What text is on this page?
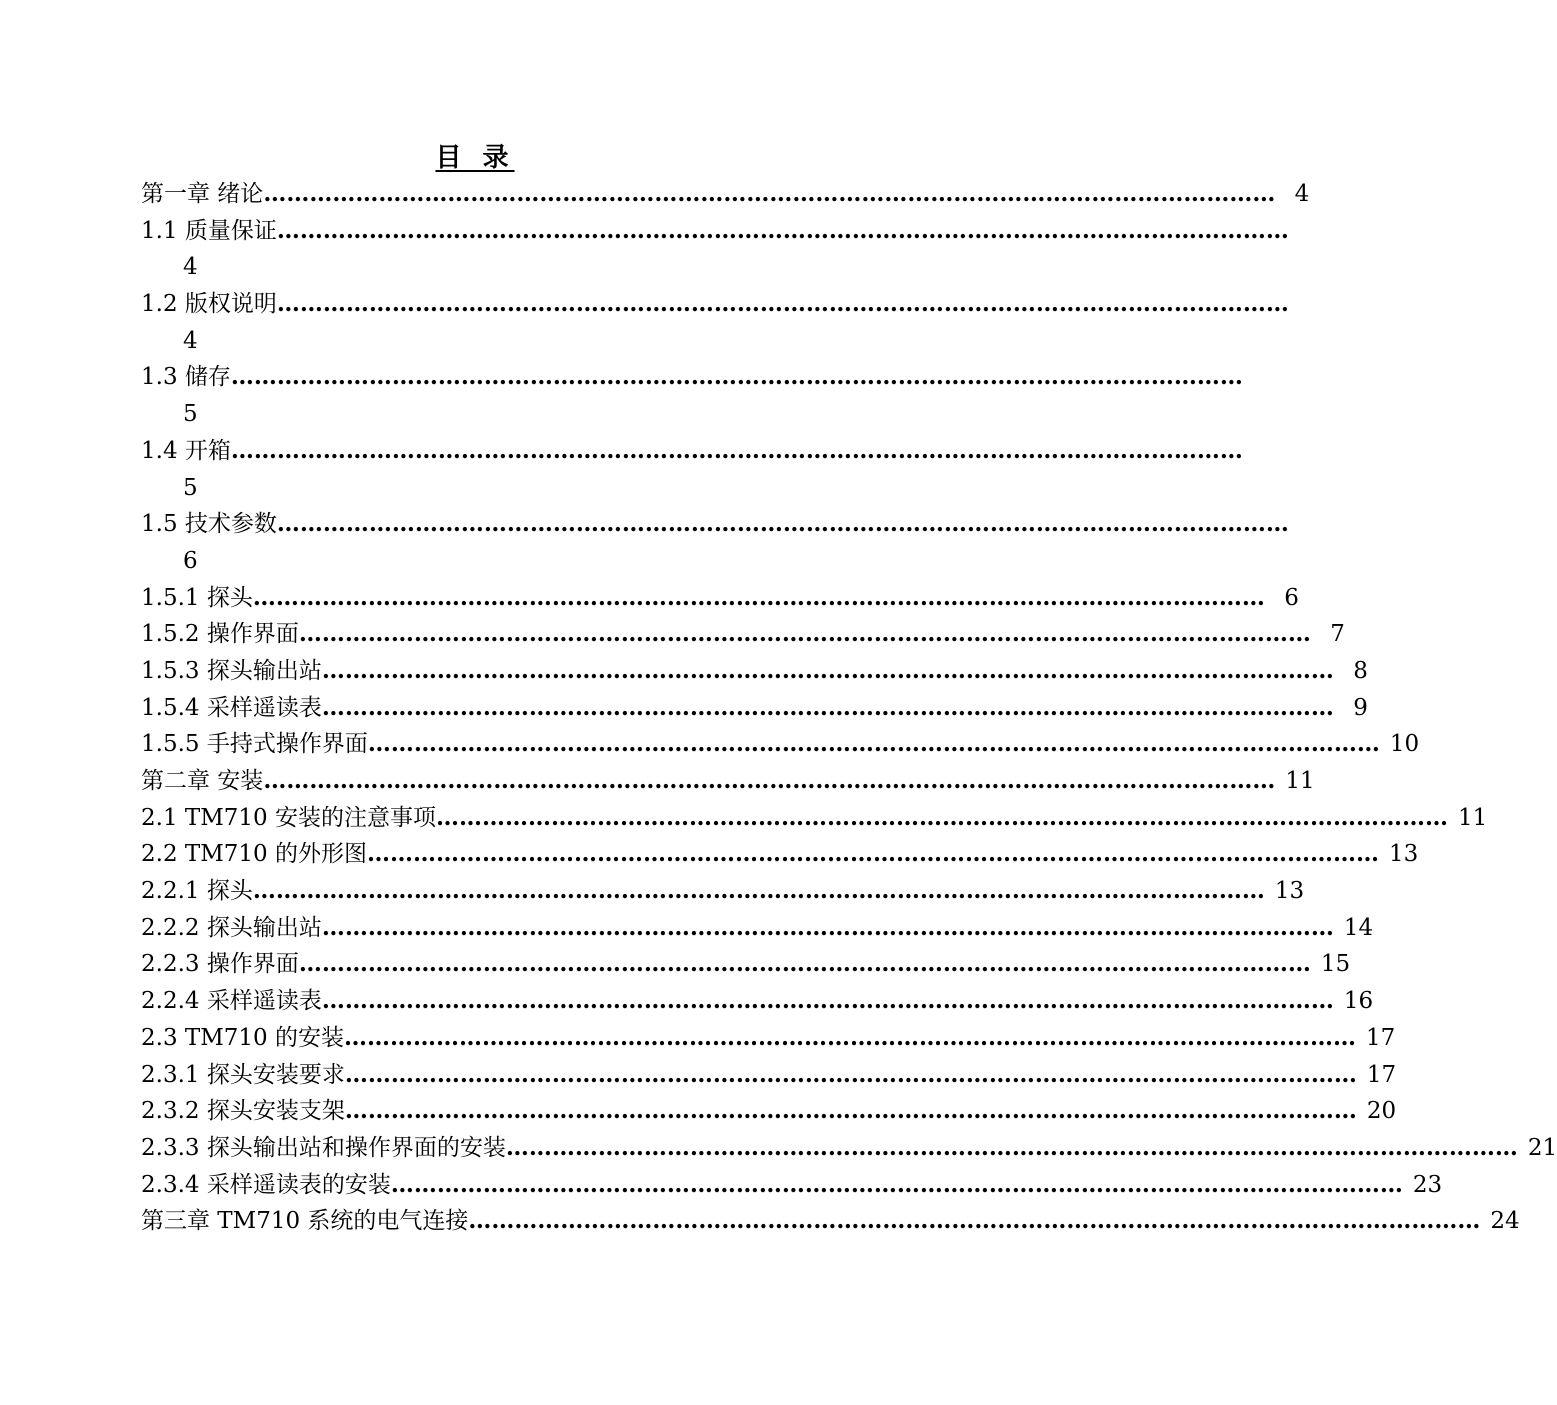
目 录
第一章 绪论 …………………………………………………………………………………………………………………… 4
1.1 质量保证 ……………………………………………………………………………………………………………………
4
1.2 版权说明 ……………………………………………………………………………………………………………………
4
1.3 储存 ……………………………………………………………………………………………………………………
5
1.4 开箱 ……………………………………………………………………………………………………………………
5
1.5 技术参数 ……………………………………………………………………………………………………………………
6
1.5.1 探头 …………………………………………………………………………………………………………………… 6
1.5.2 操作界面 …………………………………………………………………………………………………………………… 7
1.5.3 探头输出站 …………………………………………………………………………………………………………………… 8
1.5.4 采样遥读表 …………………………………………………………………………………………………………………… 9
1.5.5 手持式操作界面 …………………………………………………………………………………………………………………… 10
第二章 安装 …………………………………………………………………………………………………………………… 11
2.1 TM710 安装的注意事项 …………………………………………………………………………………………………………………… 11
2.2 TM710 的外形图 …………………………………………………………………………………………………………………… 13
2.2.1 探头 …………………………………………………………………………………………………………………… 13
2.2.2 探头输出站 …………………………………………………………………………………………………………………… 14
2.2.3 操作界面 …………………………………………………………………………………………………………………… 15
2.2.4 采样遥读表 …………………………………………………………………………………………………………………… 16
2.3 TM710 的安装 …………………………………………………………………………………………………………………… 17
2.3.1 探头安装要求 …………………………………………………………………………………………………………………… 17
2.3.2 探头安装支架 …………………………………………………………………………………………………………………… 20
2.3.3 探头输出站和操作界面的安装 …………………………………………………………………………………………………………………… 21
2.3.4 采样遥读表的安装 …………………………………………………………………………………………………………………… 23
第三章 TM710 系统的电气连接 …………………………………………………………………………………………………………………… 24
